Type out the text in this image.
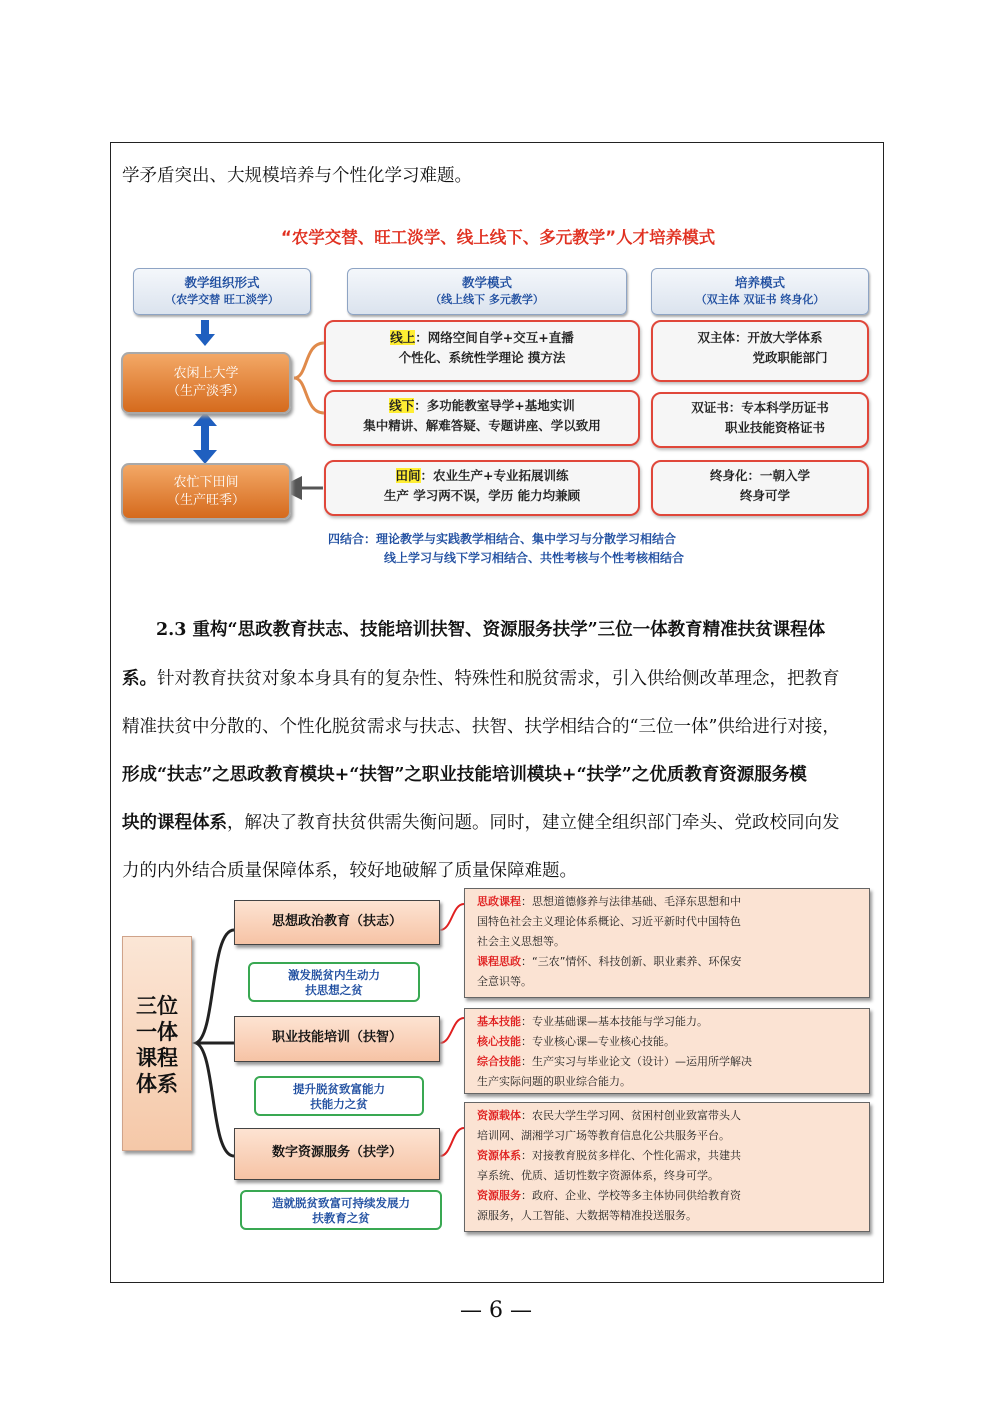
学矛盾突出、大规模培养与个性化学习难题。
“农学交替、旺工淡学、线上线下、多元教学”人才培养模式
教学组织形式
（农学交替 旺工淡学）
教学模式
（线上线下 多元教学）
培养模式
（双主体 双证书 终身化）
农闲上大学
（生产淡季）
农忙下田间
（生产旺季）
线上：网络空间自学+交互+直播
个性化、系统性学理论 摸方法
线下：多功能教室导学+基地实训
集中精讲、解难答疑、专题讲座、学以致用
田间：农业生产+专业拓展训练
生产 学习两不误，学历 能力均兼顾
双主体：开放大学体系
党政职能部门
双证书：专本科学历证书
职业技能资格证书
终身化：一朝入学
终身可学
四结合：理论教学与实践教学相结合、集中学习与分散学习相结合
线上学习与线下学习相结合、共性考核与个性考核相结合
2.3 重构“思政教育扶志、技能培训扶智、资源服务扶学”三位一体教育精准扶贫课程体
系。针对教育扶贫对象本身具有的复杂性、特殊性和脱贫需求，引入供给侧改革理念，把教育
精准扶贫中分散的、个性化脱贫需求与扶志、扶智、扶学相结合的“三位一体”供给进行对接，
形成“扶志”之思政教育模块+“扶智”之职业技能培训模块+“扶学”之优质教育资源服务模
块的课程体系，解决了教育扶贫供需失衡问题。同时，建立健全组织部门牵头、党政校同向发
力的内外结合质量保障体系，较好地破解了质量保障难题。
三位
一体
课程
体系
思想政治教育（扶志）
激发脱贫内生动力
扶思想之贫
职业技能培训（扶智）
提升脱贫致富能力
扶能力之贫
数字资源服务（扶学）
造就脱贫致富可持续发展力
扶教育之贫
思政课程：思想道德修养与法律基础、毛泽东思想和中
国特色社会主义理论体系概论、习近平新时代中国特色
社会主义思想等。
课程思政：“三农”情怀、科技创新、职业素养、环保安
全意识等。
基本技能：专业基础课—基本技能与学习能力。
核心技能：专业核心课—专业核心技能。
综合技能：生产实习与毕业论文（设计）—运用所学解决
生产实际问题的职业综合能力。
资源载体：农民大学生学习网、贫困村创业致富带头人
培训网、湖湘学习广场等教育信息化公共服务平台。
资源体系：对接教育脱贫多样化、个性化需求，共建共
享系统、优质、适切性数字资源体系，终身可学。
资源服务：政府、企业、学校等多主体协同供给教育资
源服务，人工智能、大数据等精准投送服务。
— 6 —
